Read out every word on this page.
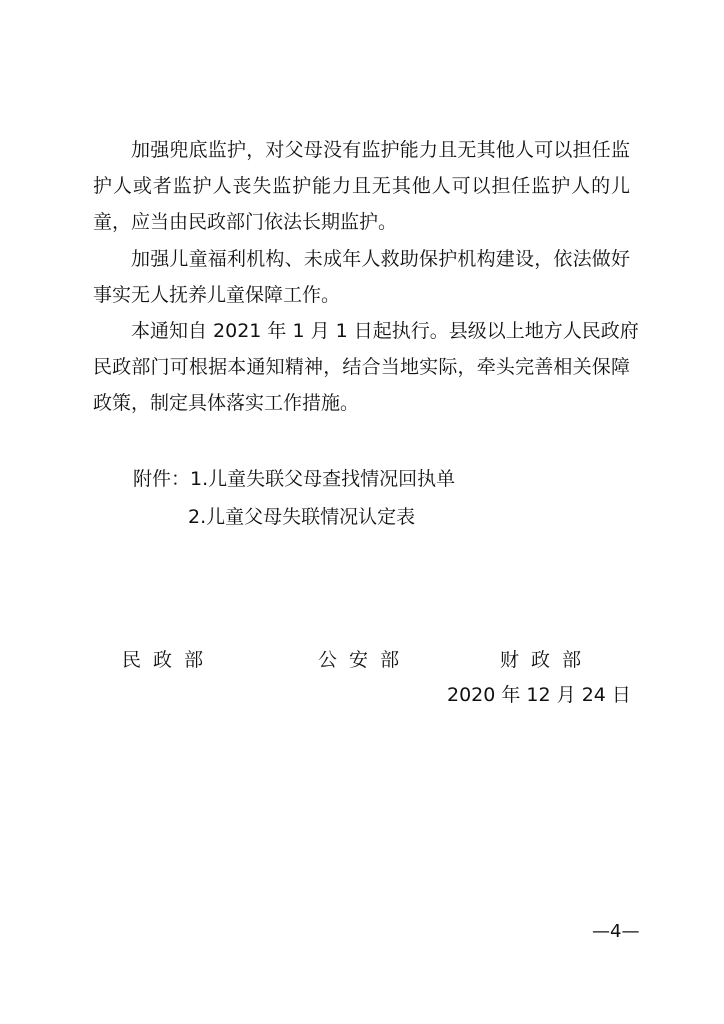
加强兜底监护，对父母没有监护能力且无其他人可以担任监
护人或者监护人丧失监护能力且无其他人可以担任监护人的儿
童，应当由民政部门依法长期监护。
加强儿童福利机构、未成年人救助保护机构建设，依法做好
事实无人抚养儿童保障工作。
本通知自 2021 年 1 月 1 日起执行。县级以上地方人民政府
民政部门可根据本通知精神，结合当地实际，牵头完善相关保障
政策，制定具体落实工作措施。
附件：1.儿童失联父母查找情况回执单
2.儿童父母失联情况认定表
民 政 部	公 安 部	财 政 部
2020 年 12 月 24 日
—4—
